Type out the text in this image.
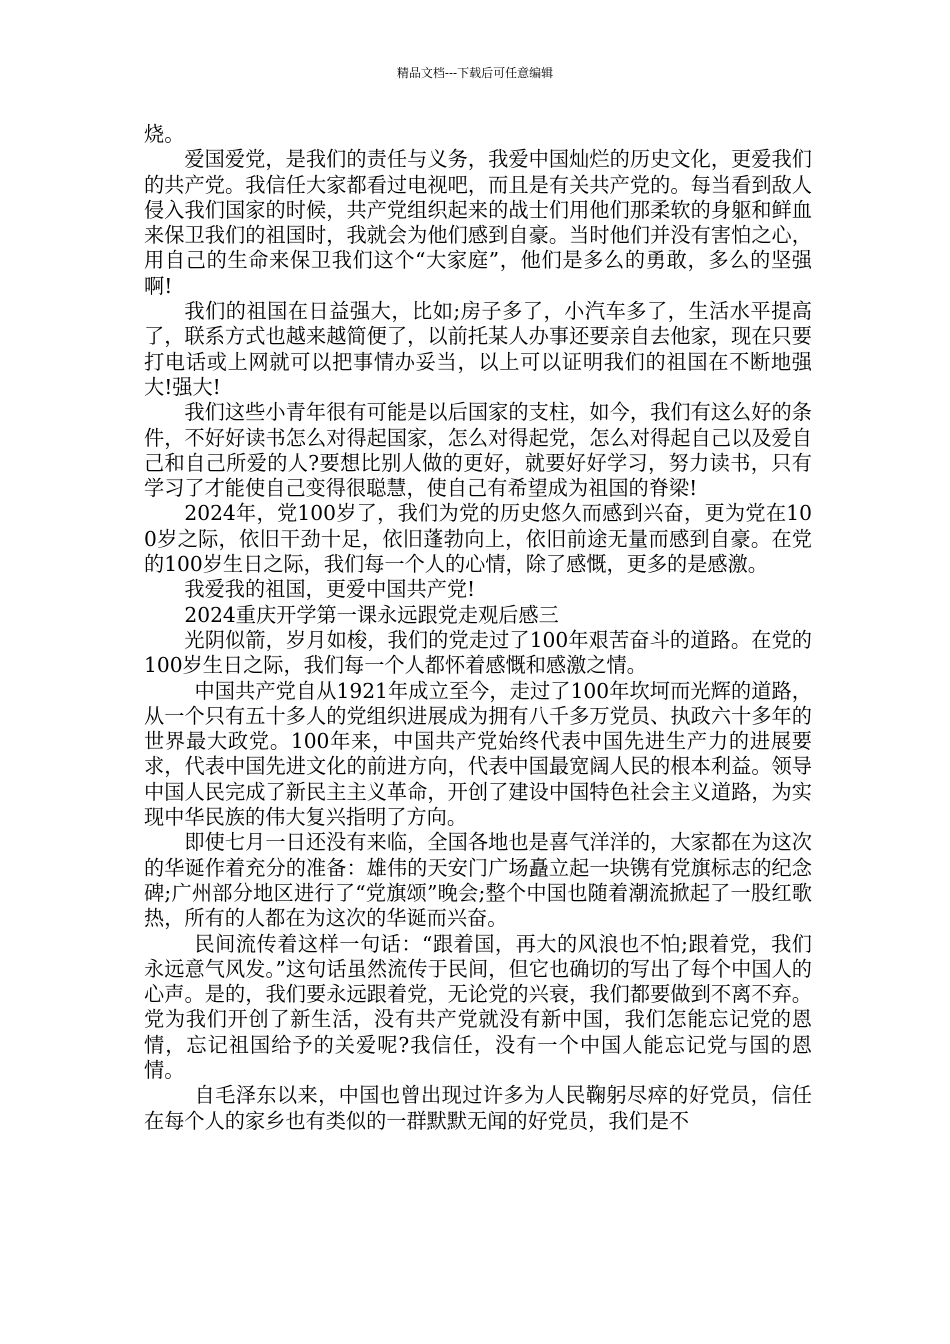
精品文档---下载后可任意编辑

烧。

爱国爱党，是我们的责任与义务，我爱中国灿烂的历史文化，更爱我们的共产党。我信任大家都看过电视吧，而且是有关共产党的。每当看到敌人侵入我们国家的时候，共产党组织起来的战士们用他们那柔软的身躯和鲜血来保卫我们的祖国时，我就会为他们感到自豪。当时他们并没有害怕之心，用自己的生命来保卫我们这个“大家庭”，他们是多么的勇敢，多么的坚强啊!

我们的祖国在日益强大，比如;房子多了，小汽车多了，生活水平提高了，联系方式也越来越简便了，以前托某人办事还要亲自去他家，现在只要打电话或上网就可以把事情办妥当，以上可以证明我们的祖国在不断地强大!强大!

我们这些小青年很有可能是以后国家的支柱，如今，我们有这么好的条件，不好好读书怎么对得起国家，怎么对得起党，怎么对得起自己以及爱自己和自己所爱的人?要想比别人做的更好，就要好好学习，努力读书，只有学习了才能使自己变得很聪慧，使自己有希望成为祖国的脊梁!

2024年，党100岁了，我们为党的历史悠久而感到兴奋，更为党在100岁之际，依旧干劲十足，依旧蓬勃向上，依旧前途无量而感到自豪。在党的100岁生日之际，我们每一个人的心情，除了感慨，更多的是感激。

我爱我的祖国，更爱中国共产党!

2024重庆开学第一课永远跟党走观后感三

光阴似箭，岁月如梭，我们的党走过了100年艰苦奋斗的道路。在党的100岁生日之际，我们每一个人都怀着感慨和感激之情。

中国共产党自从1921年成立至今，走过了100年坎坷而光辉的道路，从一个只有五十多人的党组织进展成为拥有八千多万党员、执政六十多年的世界最大政党。100年来，中国共产党始终代表中国先进生产力的进展要求，代表中国先进文化的前进方向，代表中国最宽阔人民的根本利益。领导中国人民完成了新民主主义革命，开创了建设中国特色社会主义道路，为实现中华民族的伟大复兴指明了方向。

即使七月一日还没有来临，全国各地也是喜气洋洋的，大家都在为这次的华诞作着充分的准备：雄伟的天安门广场矗立起一块镌有党旗标志的纪念碑;广州部分地区进行了“党旗颂”晚会;整个中国也随着潮流掀起了一股红歌热，所有的人都在为这次的华诞而兴奋。

民间流传着这样一句话：“跟着国，再大的风浪也不怕;跟着党，我们永远意气风发。”这句话虽然流传于民间，但它也确切的写出了每个中国人的心声。是的，我们要永远跟着党，无论党的兴衰，我们都要做到不离不弃。党为我们开创了新生活，没有共产党就没有新中国，我们怎能忘记党的恩情，忘记祖国给予的关爱呢?我信任，没有一个中国人能忘记党与国的恩情。

自毛泽东以来，中国也曾出现过许多为人民鞠躬尽瘁的好党员，信任在每个人的家乡也有类似的一群默默无闻的好党员，我们是不
